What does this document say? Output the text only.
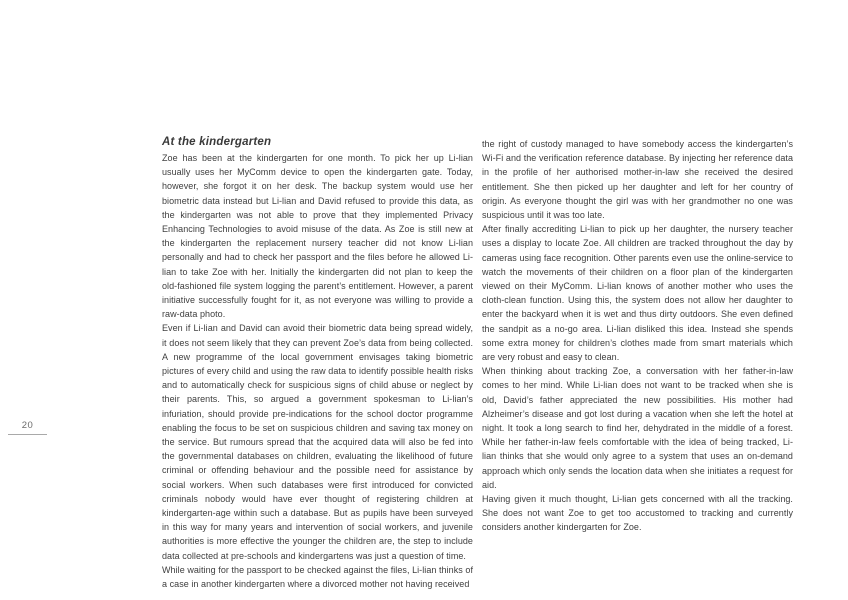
20
At the kindergarten

Zoe has been at the kindergarten for one month. To pick her up Li-lian usually uses her MyComm device to open the kindergarten gate. Today, however, she forgot it on her desk. The backup system would use her biometric data instead but Li-lian and David refused to provide this data, as the kindergarten was not able to prove that they implemented Privacy Enhancing Technologies to avoid misuse of the data. As Zoe is still new at the kindergarten the replacement nursery teacher did not know Li-lian personally and had to check her passport and the files before he allowed Li-lian to take Zoe with her. Initially the kindergarten did not plan to keep the old-fashioned file system logging the parent’s entitlement. However, a parent initiative successfully fought for it, as not everyone was willing to provide a raw-data photo.

Even if Li-lian and David can avoid their biometric data being spread widely, it does not seem likely that they can prevent Zoe’s data from being collected. A new programme of the local government envisages taking biometric pictures of every child and using the raw data to identify possible health risks and to automatically check for suspicious signs of child abuse or neglect by their parents. This, so argued a government spokesman to Li-lian’s infuriation, should provide pre-indications for the school doctor programme enabling the focus to be set on suspicious children and saving tax money on the service. But rumours spread that the acquired data will also be fed into the governmental databases on children, evaluating the likelihood of future criminal or offending behaviour and the possible need for assistance by social workers. When such databases were first introduced for convicted criminals nobody would have ever thought of registering children at kindergarten-age within such a database. But as pupils have been surveyed in this way for many years and intervention of social workers, and juvenile authorities is more effective the younger the children are, the step to include data collected at pre-schools and kindergartens was just a question of time.

While waiting for the passport to be checked against the files, Li-lian thinks of a case in another kindergarten where a divorced mother not having received

the right of custody managed to have somebody access the kindergarten’s Wi-Fi and the verification reference database. By injecting her reference data in the profile of her authorised mother-in-law she received the desired entitlement. She then picked up her daughter and left for her country of origin. As everyone thought the girl was with her grandmother no one was suspicious until it was too late.

After finally accrediting Li-lian to pick up her daughter, the nursery teacher uses a display to locate Zoe. All children are tracked throughout the day by cameras using face recognition. Other parents even use the online-service to watch the movements of their children on a floor plan of the kindergarten viewed on their MyComm. Li-lian knows of another mother who uses the cloth-clean function. Using this, the system does not allow her daughter to enter the backyard when it is wet and thus dirty outdoors. She even defined the sandpit as a no-go area. Li-lian disliked this idea. Instead she spends some extra money for children’s clothes made from smart materials which are very robust and easy to clean.

When thinking about tracking Zoe, a conversation with her father-in-law comes to her mind. While Li-lian does not want to be tracked when she is old, David’s father appreciated the new possibilities. His mother had Alzheimer’s disease and got lost during a vacation when she left the hotel at night. It took a long search to find her, dehydrated in the middle of a forest. While her father-in-law feels comfortable with the idea of being tracked, Li-lian thinks that she would only agree to a system that uses an on-demand approach which only sends the location data when she initiates a request for aid.

Having given it much thought, Li-lian gets concerned with all the tracking. She does not want Zoe to get too accustomed to tracking and currently considers another kindergarten for Zoe.
